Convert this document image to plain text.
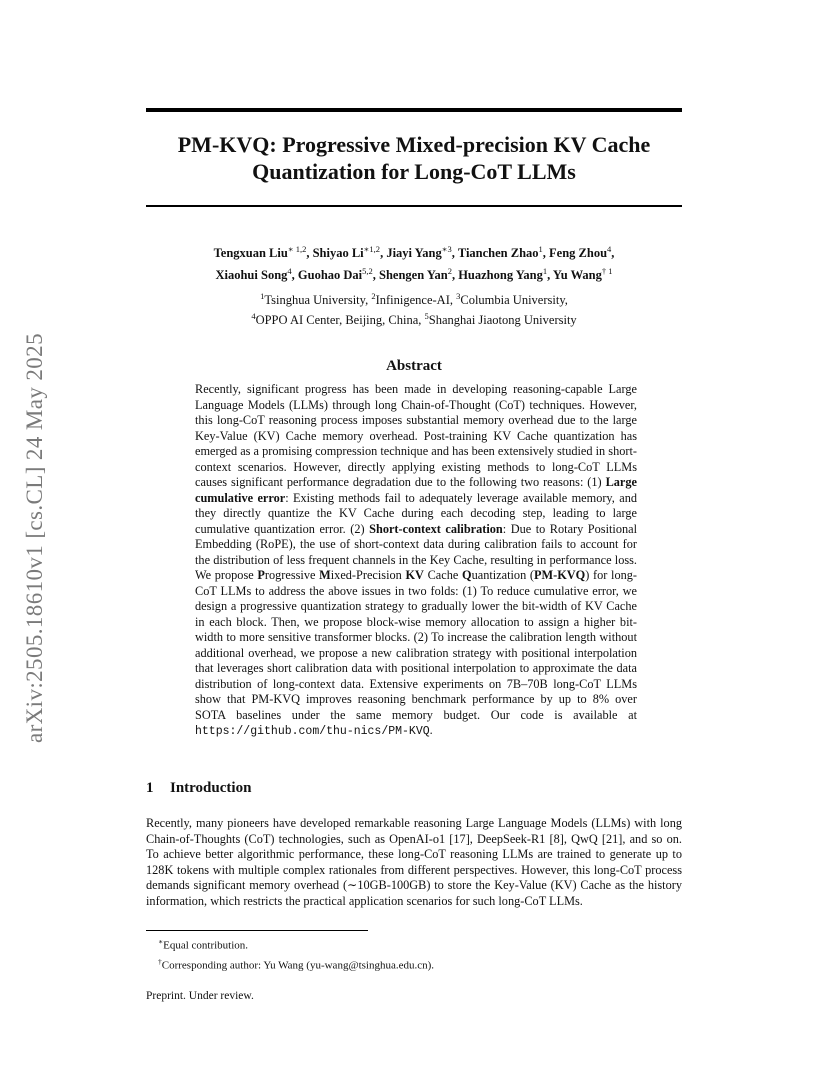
arXiv:2505.18610v1 [cs.CL] 24 May 2025
PM-KVQ: Progressive Mixed-precision KV Cache
Quantization for Long-CoT LLMs
Tengxuan Liu$^{∗ 1,2}$, Shiyao $Li^{∗1,2}$, Jiayi Yang$^{∗3}$, Tianchen Zhao$^1$, Feng Zhou$^4$,
Xiaohui Song$^4$, Guohao Dai$^{5,2}$, Shengen Yan$^2$, Huazhong Yang$^1$, Yu Wang$^{\dagger 1}$
$^1$Tsinghua University, $^2$Infinigence-AI, $^3$Columbia University,
$^4$OPPO AI Center, Beijing, China, $^5$Shanghai Jiaotong University
Abstract
Recently, significant progress has been made in developing reasoning-capable Large Language Models (LLMs) through long Chain-of-Thought (CoT) techniques. However, this long-CoT reasoning process imposes substantial memory overhead due to the large Key-Value (KV) Cache memory overhead. Post-training KV Cache quantization has emerged as a promising compression technique and has been extensively studied in short-context scenarios. However, directly applying existing methods to long-CoT LLMs causes significant performance degradation due to the following two reasons: (1) Large cumulative error: Existing methods fail to adequately leverage available memory, and they directly quantize the KV Cache during each decoding step, leading to large cumulative quantization error. (2) Short-context calibration: Due to Rotary Positional Embedding (RoPE), the use of short-context data during calibration fails to account for the distribution of less frequent channels in the Key Cache, resulting in performance loss. We propose Progressive Mixed-Precision KV Cache Quantization (PM-KVQ) for long-CoT LLMs to address the above issues in two folds: (1) To reduce cumulative error, we design a progressive quantization strategy to gradually lower the bit-width of KV Cache in each block. Then, we propose block-wise memory allocation to assign a higher bit-width to more sensitive transformer blocks. (2) To increase the calibration length without additional overhead, we propose a new calibration strategy with positional interpolation that leverages short calibration data with positional interpolation to approximate the data distribution of long-context data. Extensive experiments on 7B–70B long-CoT LLMs show that PM-KVQ improves reasoning benchmark performance by up to 8% over SOTA baselines under the same memory budget. Our code is available at https://github.com/thu-nics/PM-KVQ.
1 Introduction
Recently, many pioneers have developed remarkable reasoning Large Language Models (LLMs) with long Chain-of-Thoughts (CoT) technologies, such as OpenAI-o1 [17], DeepSeek-R1 [8], QwQ [21], and so on. To achieve better algorithmic performance, these long-CoT reasoning LLMs are trained to generate up to 128K tokens with multiple complex rationales from different perspectives. However, this long-CoT process demands significant memory overhead (∼10GB-100GB) to store the Key-Value (KV) Cache as the history information, which restricts the practical application scenarios for such long-CoT LLMs.
∗Equal contribution.
†Corresponding author: Yu Wang (yu-wang@tsinghua.edu.cn).
Preprint. Under review.
